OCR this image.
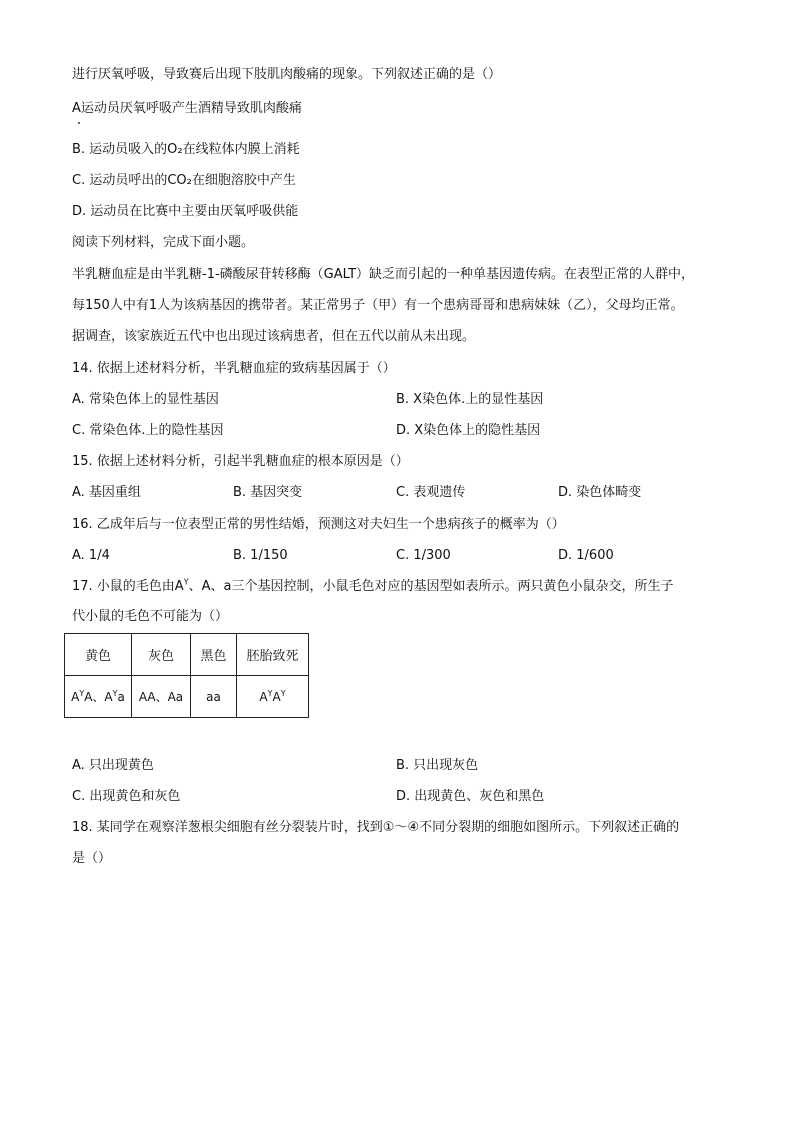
进行厌氧呼吸，导致赛后出现下肢肌肉酸痛的现象。下列叙述正确的是（）
A运动员厌氧呼吸产生酒精导致肌肉酸痛
B. 运动员吸入的O₂在线粒体内膜上消耗
C. 运动员呼出的CO₂在细胞溶胶中产生
D. 运动员在比赛中主要由厌氧呼吸供能
阅读下列材料，完成下面小题。
半乳糖血症是由半乳糖-1-磷酸尿苷转移酶（GALT）缺乏而引起的一种单基因遗传病。在表型正常的人群中，
每150人中有1人为该病基因的携带者。某正常男子（甲）有一个患病哥哥和患病妹妹（乙），父母均正常。
据调查，该家族近五代中也出现过该病患者，但在五代以前从未出现。
14. 依据上述材料分析，半乳糖血症的致病基因属于（）
A. 常染色体上的显性基因	B. X染色体.上的显性基因
C. 常染色体.上的隐性基因	D. X染色体上的隐性基因
15. 依据上述材料分析，引起半乳糖血症的根本原因是（）
A. 基因重组	B. 基因突变	C. 表观遗传	D. 染色体畸变
16. 乙成年后与一位表型正常的男性结婚，预测这对夫妇生一个患病孩子的概率为（）
A. 1/4	B. 1/150	C. 1/300	D. 1/600
17. 小鼠的毛色由$A^Y$、A、a三个基因控制，小鼠毛色对应的基因型如表所示。两只黄色小鼠杂交，所生子
代小鼠的毛色不可能为（）
黄色	灰色	黑色	胚胎致死
$A^YA$、$A^Ya$	AA、Aa	aa	$A^YA^Y$
A. 只出现黄色	B. 只出现灰色
C. 出现黄色和灰色	D. 出现黄色、灰色和黑色
18. 某同学在观察洋葱根尖细胞有丝分裂装片时，找到①～④不同分裂期的细胞如图所示。下列叙述正确的
是（）
